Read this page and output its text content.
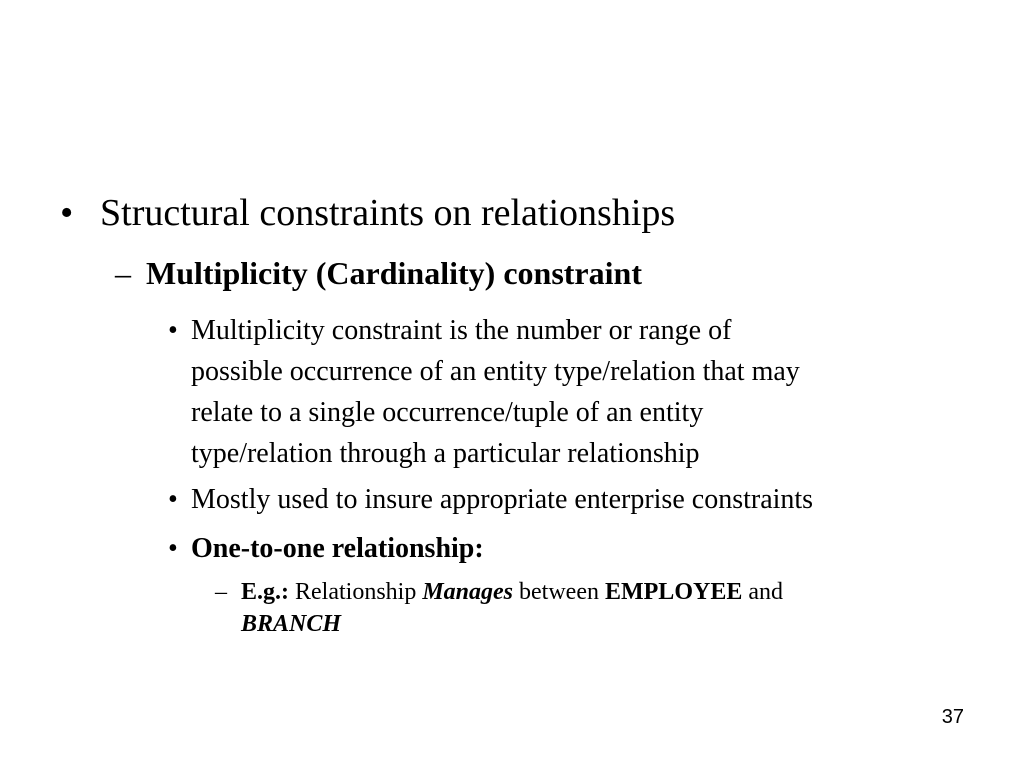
• Structural constraints on relationships
– Multiplicity (Cardinality) constraint
• Multiplicity constraint is the number or range of
possible occurrence of an entity type/relation that may
relate to a single occurrence/tuple of an entity
type/relation through a particular relationship
• Mostly used to insure appropriate enterprise constraints
• One-to-one relationship:
– E.g.: Relationship Manages between EMPLOYEE and
BRANCH
37
